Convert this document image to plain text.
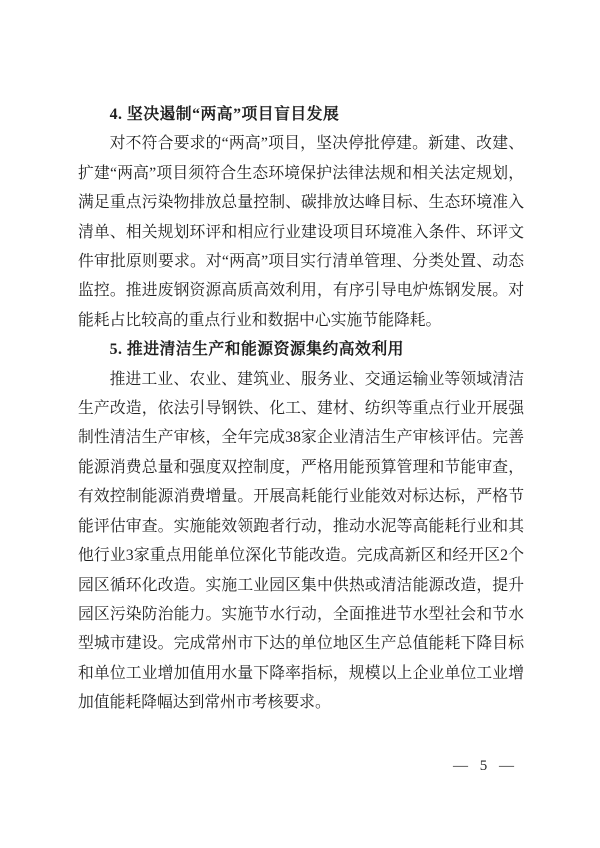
4. 坚决遏制“两高”项目盲目发展

对不符合要求的“两高”项目，坚决停批停建。新建、改建、扩建“两高”项目须符合生态环境保护法律法规和相关法定规划，满足重点污染物排放总量控制、碳排放达峰目标、生态环境准入清单、相关规划环评和相应行业建设项目环境准入条件、环评文件审批原则要求。对“两高”项目实行清单管理、分类处置、动态监控。推进废钢资源高质高效利用，有序引导电炉炼钢发展。对能耗占比较高的重点行业和数据中心实施节能降耗。

5. 推进清洁生产和能源资源集约高效利用

推进工业、农业、建筑业、服务业、交通运输业等领域清洁生产改造，依法引导钢铁、化工、建材、纺织等重点行业开展强制性清洁生产审核，全年完成38家企业清洁生产审核评估。完善能源消费总量和强度双控制度，严格用能预算管理和节能审查，有效控制能源消费增量。开展高耗能行业能效对标达标，严格节能评估审查。实施能效领跑者行动，推动水泥等高能耗行业和其他行业3家重点用能单位深化节能改造。完成高新区和经开区2个园区循环化改造。实施工业园区集中供热或清洁能源改造，提升园区污染防治能力。实施节水行动，全面推进节水型社会和节水型城市建设。完成常州市下达的单位地区生产总值能耗下降目标和单位工业增加值用水量下降率指标，规模以上企业单位工业增加值能耗降幅达到常州市考核要求。

— 5 —
